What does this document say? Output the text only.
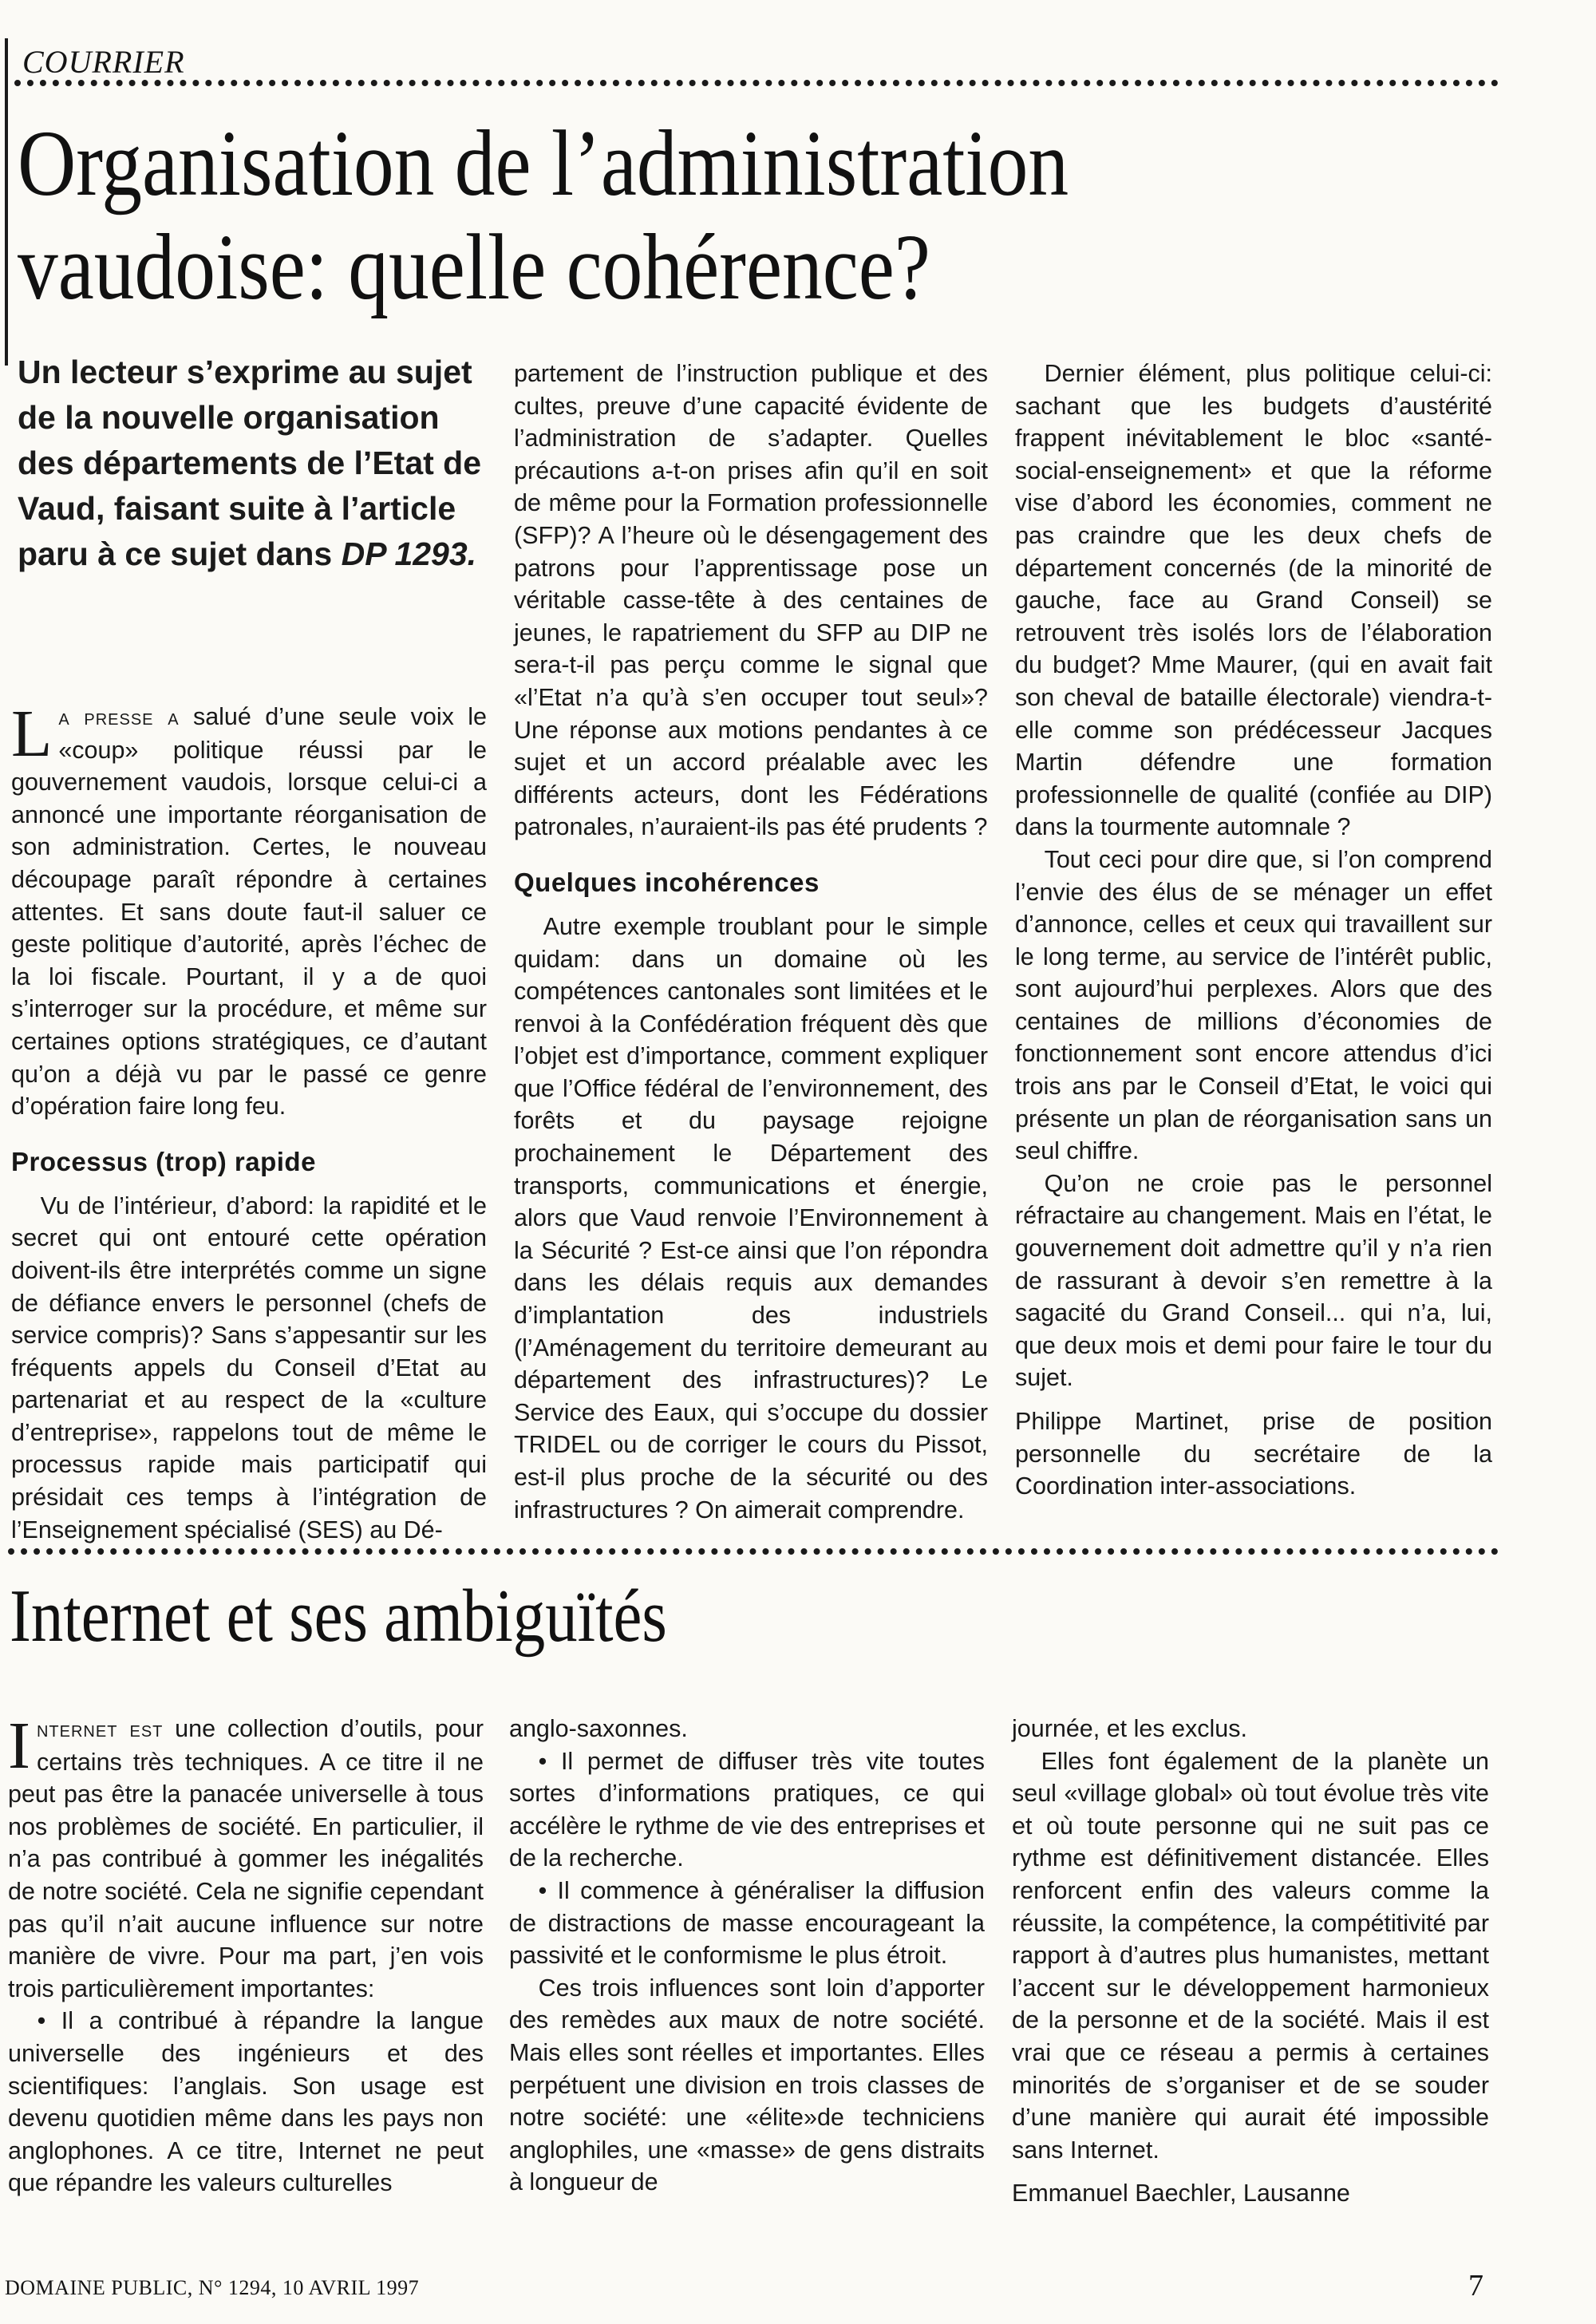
COURRIER
Organisation de l’administration
vaudoise: quelle cohérence?
Un lecteur s’exprime au sujet de la nouvelle organisation des départements de l’Etat de Vaud, faisant suite à l’article paru à ce sujet dans DP 1293.

La presse a salué d’une seule voix le «coup» politique réussi par le gouvernement vaudois, lorsque celui-ci a annoncé une importante réorganisation de son administration. Certes, le nouveau découpage paraît répondre à certaines attentes. Et sans doute faut-il saluer ce geste politique d’autorité, après l’échec de la loi fiscale. Pourtant, il y a de quoi s’interroger sur la procédure, et même sur certaines options stratégiques, ce d’autant qu’on a déjà vu par le passé ce genre d’opération faire long feu.

Processus (trop) rapide

Vu de l’intérieur, d’abord: la rapidité et le secret qui ont entouré cette opération doivent-ils être interprétés comme un signe de défiance envers le personnel (chefs de service compris)? Sans s’appesantir sur les fréquents appels du Conseil d’Etat au partenariat et au respect de la «culture d’entreprise», rappelons tout de même le processus rapide mais participatif qui présidait ces temps à l’intégration de l’Enseignement spécialisé (SES) au Dé-

partement de l’instruction publique et des cultes, preuve d’une capacité évidente de l’administration de s’adapter. Quelles précautions a-t-on prises afin qu’il en soit de même pour la Formation professionnelle (SFP)? A l’heure où le désengagement des patrons pour l’apprentissage pose un véritable casse-tête à des centaines de jeunes, le rapatriement du SFP au DIP ne sera-t-il pas perçu comme le signal que «l’Etat n’a qu’à s’en occuper tout seul»? Une réponse aux motions pendantes à ce sujet et un accord préalable avec les différents acteurs, dont les Fédérations patronales, n’auraient-ils pas été prudents ?

Quelques incohérences

Autre exemple troublant pour le simple quidam: dans un domaine où les compétences cantonales sont limitées et le renvoi à la Confédération fréquent dès que l’objet est d’importance, comment expliquer que l’Office fédéral de l’environnement, des forêts et du paysage rejoigne prochainement le Département des transports, communications et énergie, alors que Vaud renvoie l’Environnement à la Sécurité ? Est-ce ainsi que l’on répondra dans les délais requis aux demandes d’implantation des industriels (l’Aménagement du territoire demeurant au département des infrastructures)? Le Service des Eaux, qui s’occupe du dossier TRIDEL ou de corriger le cours du Pissot, est-il plus proche de la sécurité ou des infrastructures ? On aimerait comprendre.

Dernier élément, plus politique celui-ci: sachant que les budgets d’austérité frappent inévitablement le bloc «santé-social-enseignement» et que la réforme vise d’abord les économies, comment ne pas craindre que les deux chefs de département concernés (de la minorité de gauche, face au Grand Conseil) se retrouvent très isolés lors de l’élaboration du budget? Mme Maurer, (qui en avait fait son cheval de bataille électorale) viendra-t-elle comme son prédécesseur Jacques Martin défendre une formation professionnelle de qualité (confiée au DIP) dans la tourmente automnale ?

Tout ceci pour dire que, si l’on comprend l’envie des élus de se ménager un effet d’annonce, celles et ceux qui travaillent sur le long terme, au service de l’intérêt public, sont aujourd’hui perplexes. Alors que des centaines de millions d’économies de fonctionnement sont encore attendus d’ici trois ans par le Conseil d’Etat, le voici qui présente un plan de réorganisation sans un seul chiffre.

Qu’on ne croie pas le personnel réfractaire au changement. Mais en l’état, le gouvernement doit admettre qu’il y n’a rien de rassurant à devoir s’en remettre à la sagacité du Grand Conseil... qui n’a, lui, que deux mois et demi pour faire le tour du sujet.

Philippe Martinet, prise de position personnelle du secrétaire de la Coordination inter-associations.

Internet et ses ambiguïtés

Internet est une collection d’outils, pour certains très techniques. A ce titre il ne peut pas être la panacée universelle à tous nos problèmes de société. En particulier, il n’a pas contribué à gommer les inégalités de notre société. Cela ne signifie cependant pas qu’il n’ait aucune influence sur notre manière de vivre. Pour ma part, j’en vois trois particulièrement importantes:

• Il a contribué à répandre la langue universelle des ingénieurs et des scientifiques: l’anglais. Son usage est devenu quotidien même dans les pays non anglophones. A ce titre, Internet ne peut que répandre les valeurs culturelles

anglo-saxonnes.

• Il permet de diffuser très vite toutes sortes d’informations pratiques, ce qui accélère le rythme de vie des entreprises et de la recherche.

• Il commence à généraliser la diffusion de distractions de masse encourageant la passivité et le conformisme le plus étroit.

Ces trois influences sont loin d’apporter des remèdes aux maux de notre société. Mais elles sont réelles et importantes. Elles perpétuent une division en trois classes de notre société: une «élite»de techniciens anglophiles, une «masse» de gens distraits à longueur de

journée, et les exclus.

Elles font également de la planète un seul «village global» où tout évolue très vite et où toute personne qui ne suit pas ce rythme est définitivement distancée. Elles renforcent enfin des valeurs comme la réussite, la compétence, la compétitivité par rapport à d’autres plus humanistes, mettant l’accent sur le développement harmonieux de la personne et de la société. Mais il est vrai que ce réseau a permis à certaines minorités de s’organiser et de se souder d’une manière qui aurait été impossible sans Internet.

Emmanuel Baechler, Lausanne

DOMAINE PUBLIC, N° 1294, 10 AVRIL 1997	7
